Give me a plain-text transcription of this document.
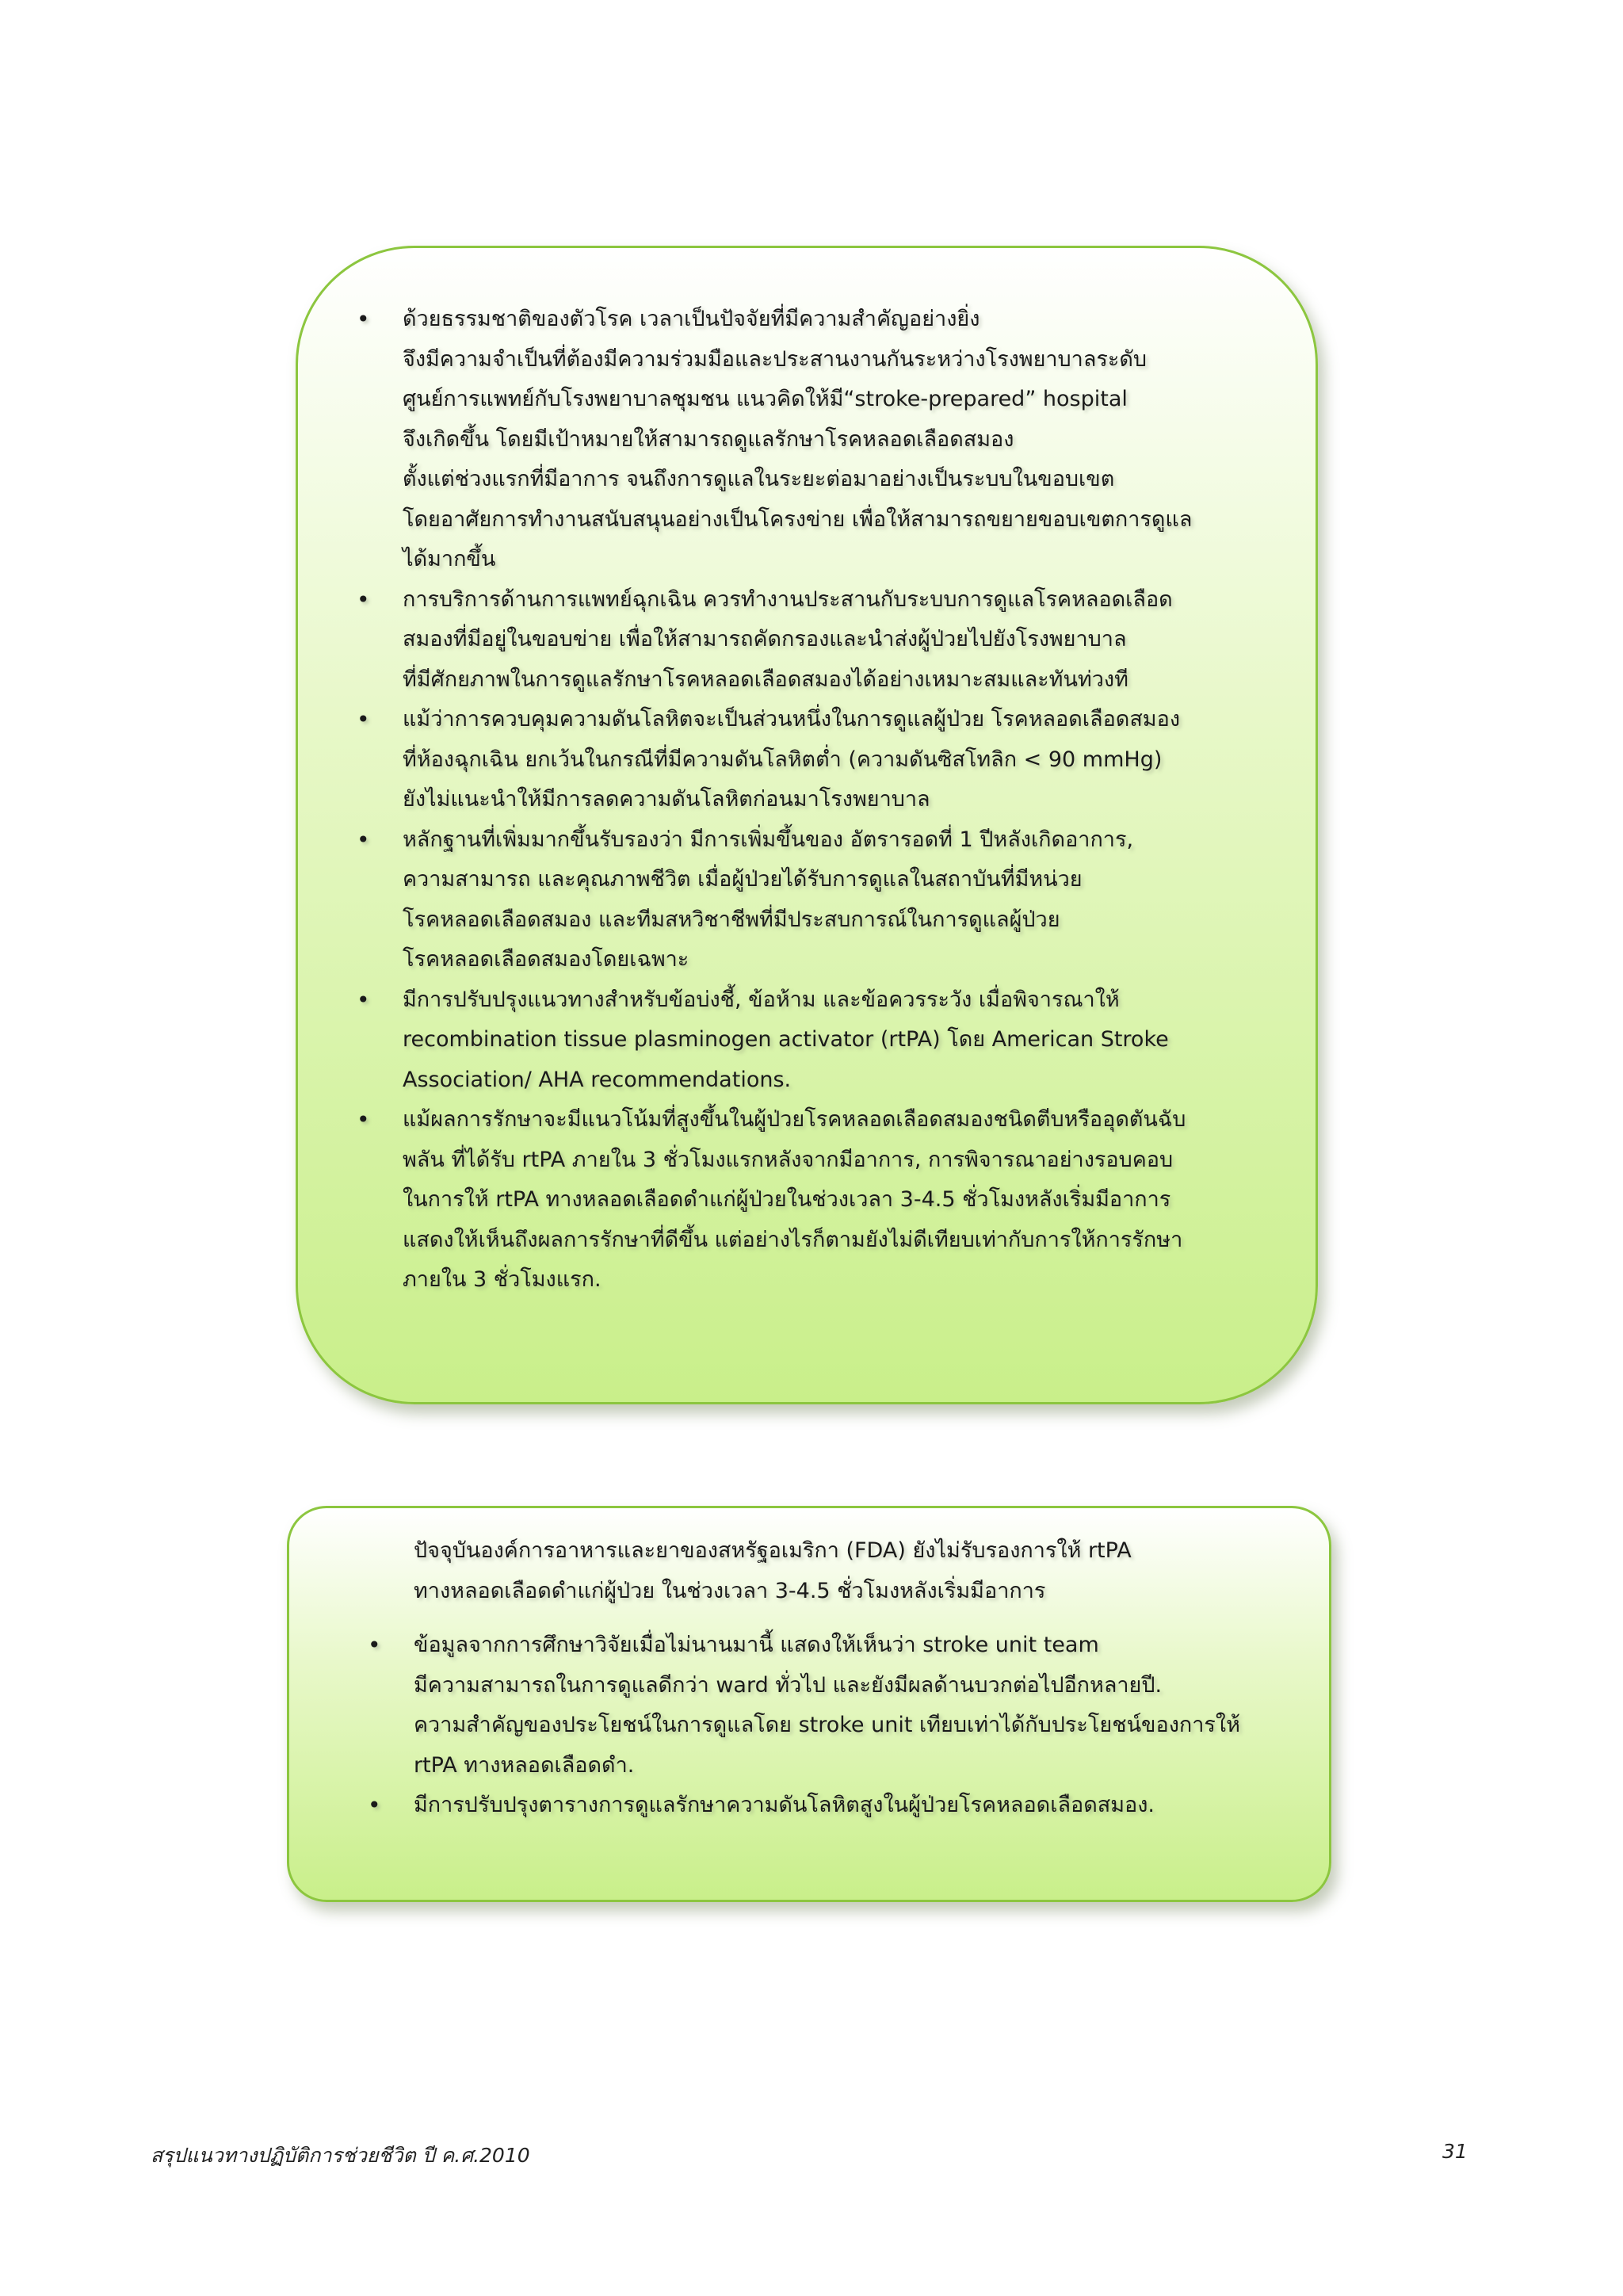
• ด้วยธรรมชาติของตัวโรค เวลาเป็นปัจจัยที่มีความสำคัญอย่างยิ่ง
จึงมีความจำเป็นที่ต้องมีความร่วมมือและประสานงานกันระหว่างโรงพยาบาลระดับ
ศูนย์การแพทย์กับโรงพยาบาลชุมชน แนวคิดให้มี“stroke-prepared” hospital
จึงเกิดขึ้น โดยมีเป้าหมายให้สามารถดูแลรักษาโรคหลอดเลือดสมอง
ตั้งแต่ช่วงแรกที่มีอาการ จนถึงการดูแลในระยะต่อมาอย่างเป็นระบบในขอบเขต
โดยอาศัยการทำงานสนับสนุนอย่างเป็นโครงข่าย เพื่อให้สามารถขยายขอบเขตการดูแล
ได้มากขึ้น
• การบริการด้านการแพทย์ฉุกเฉิน ควรทำงานประสานกับระบบการดูแลโรคหลอดเลือด
สมองที่มีอยู่ในขอบข่าย เพื่อให้สามารถคัดกรองและนำส่งผู้ป่วยไปยังโรงพยาบาล
ที่มีศักยภาพในการดูแลรักษาโรคหลอดเลือดสมองได้อย่างเหมาะสมและทันท่วงที
• แม้ว่าการควบคุมความดันโลหิตจะเป็นส่วนหนึ่งในการดูแลผู้ป่วย โรคหลอดเลือดสมอง
ที่ห้องฉุกเฉิน ยกเว้นในกรณีที่มีความดันโลหิตต่ำ (ความดันซิสโทลิก < 90 mmHg)
ยังไม่แนะนำให้มีการลดความดันโลหิตก่อนมาโรงพยาบาล
• หลักฐานที่เพิ่มมากขึ้นรับรองว่า มีการเพิ่มขึ้นของ อัตรารอดที่ 1 ปีหลังเกิดอาการ,
ความสามารถ และคุณภาพชีวิต เมื่อผู้ป่วยได้รับการดูแลในสถาบันที่มีหน่วย
โรคหลอดเลือดสมอง และทีมสหวิชาชีพที่มีประสบการณ์ในการดูแลผู้ป่วย
โรคหลอดเลือดสมองโดยเฉพาะ
• มีการปรับปรุงแนวทางสำหรับข้อบ่งชี้, ข้อห้าม และข้อควรระวัง เมื่อพิจารณาให้
recombination tissue plasminogen activator (rtPA) โดย American Stroke
Association/ AHA recommendations.
• แม้ผลการรักษาจะมีแนวโน้มที่สูงขึ้นในผู้ป่วยโรคหลอดเลือดสมองชนิดตีบหรืออุดตันฉับ
พลัน ที่ได้รับ rtPA ภายใน 3 ชั่วโมงแรกหลังจากมีอาการ, การพิจารณาอย่างรอบคอบ
ในการให้ rtPA ทางหลอดเลือดดำแก่ผู้ป่วยในช่วงเวลา 3-4.5 ชั่วโมงหลังเริ่มมีอาการ
แสดงให้เห็นถึงผลการรักษาที่ดีขึ้น แต่อย่างไรก็ตามยังไม่ดีเทียบเท่ากับการให้การรักษา
ภายใน 3 ชั่วโมงแรก.
ปัจจุบันองค์การอาหารและยาของสหรัฐอเมริกา (FDA) ยังไม่รับรองการให้ rtPA
ทางหลอดเลือดดำแก่ผู้ป่วย ในช่วงเวลา 3-4.5 ชั่วโมงหลังเริ่มมีอาการ
• ข้อมูลจากการศึกษาวิจัยเมื่อไม่นานมานี้ แสดงให้เห็นว่า stroke unit team
มีความสามารถในการดูแลดีกว่า ward ทั่วไป และยังมีผลด้านบวกต่อไปอีกหลายปี.
ความสำคัญของประโยชน์ในการดูแลโดย stroke unit เทียบเท่าได้กับประโยชน์ของการให้
rtPA ทางหลอดเลือดดำ.
• มีการปรับปรุงตารางการดูแลรักษาความดันโลหิตสูงในผู้ป่วยโรคหลอดเลือดสมอง.
สรุปแนวทางปฏิบัติการช่วยชีวิต ปี ค.ศ.2010	31
